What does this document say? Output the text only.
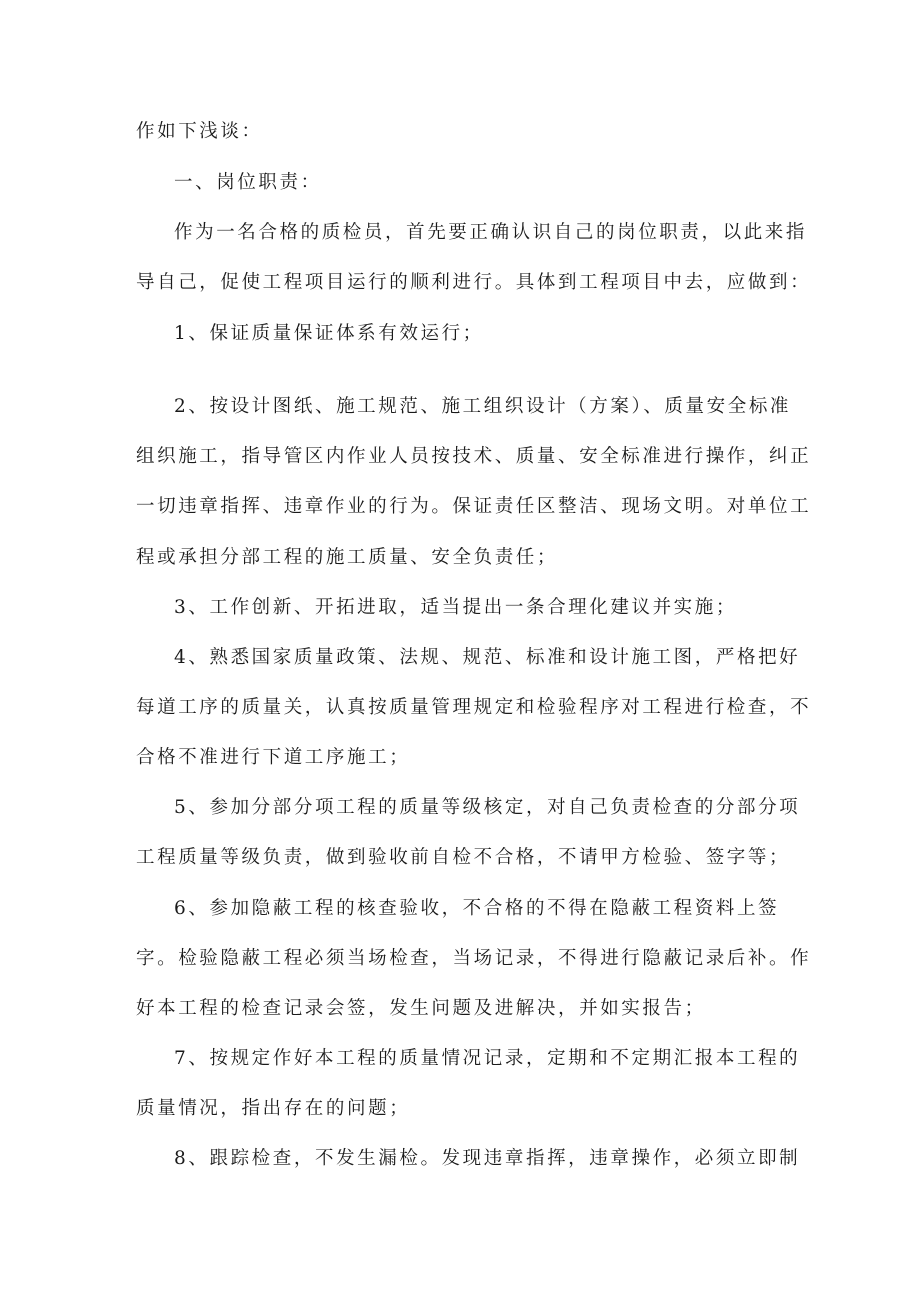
作如下浅谈：
一、岗位职责：
作为一名合格的质检员，首先要正确认识自己的岗位职责，以此来指
导自己，促使工程项目运行的顺利进行。具体到工程项目中去，应做到：
1、保证质量保证体系有效运行；
2、按设计图纸、施工规范、施工组织设计（方案）、质量安全标准
组织施工，指导管区内作业人员按技术、质量、安全标准进行操作，纠正
一切违章指挥、违章作业的行为。保证责任区整洁、现场文明。对单位工
程或承担分部工程的施工质量、安全负责任；
3、工作创新、开拓进取，适当提出一条合理化建议并实施；
4、熟悉国家质量政策、法规、规范、标准和设计施工图，严格把好
每道工序的质量关，认真按质量管理规定和检验程序对工程进行检查，不
合格不准进行下道工序施工；
5、参加分部分项工程的质量等级核定，对自己负责检查的分部分项
工程质量等级负责，做到验收前自检不合格，不请甲方检验、签字等；
6、参加隐蔽工程的核查验收，不合格的不得在隐蔽工程资料上签
字。检验隐蔽工程必须当场检查，当场记录，不得进行隐蔽记录后补。作
好本工程的检查记录会签，发生问题及进解决，并如实报告；
7、按规定作好本工程的质量情况记录，定期和不定期汇报本工程的
质量情况，指出存在的问题；
8、跟踪检查，不发生漏检。发现违章指挥，违章操作，必须立即制
